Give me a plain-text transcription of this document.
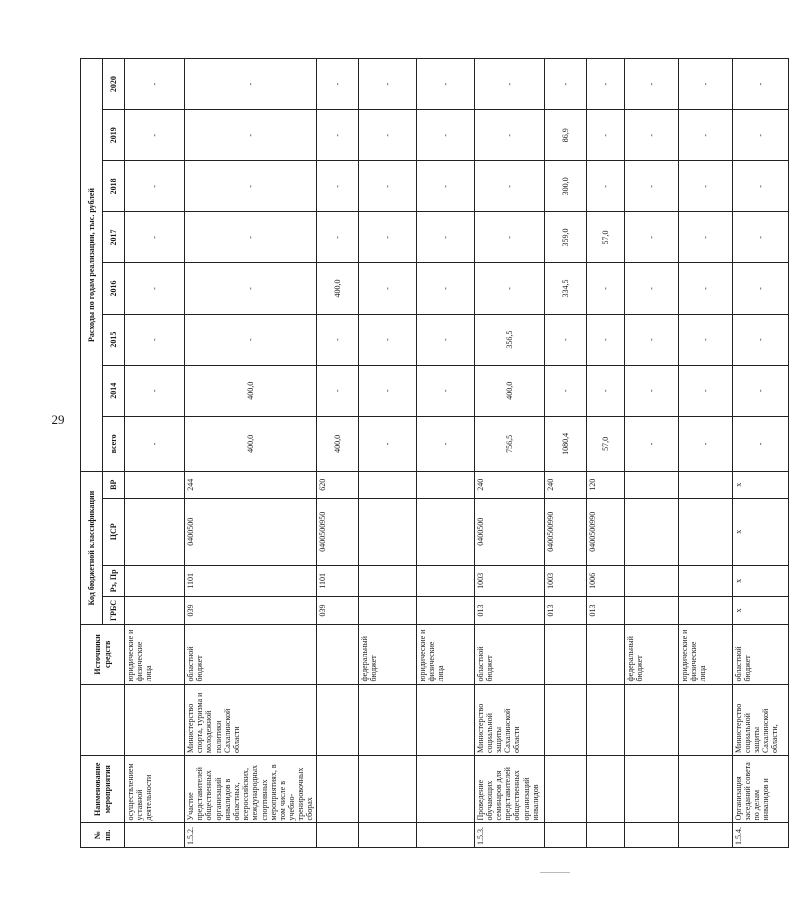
29
№ пп.	Наименование мероприятия		Источники средств	Код бюджетной классификации				Расходы по годам реализации, тыс. рублей							
				ГРБС	Рз, Пр	ЦСР	ВР	всего	2014	2015	2016	2017	2018	2019	2020
	осуществлением уставной деятельности		юридические и физические лица					-	-	-	-	-	-	-	-
1.5.2.	Участие представителей общественных организаций инвалидов в областных, всероссийских, международных спортивных мероприятиях, в том числе в учебно-тренировочных сборах	Министерство спорта, туризма и молодежной политики Сахалинской области	областной бюджет	039	1101	0400500	244	400,0	400,0	-	-	-	-	-	-
				039	1101	0400500950	620	400,0	-	-	400,0	-	-	-	-
			федеральный бюджет					-	-	-	-	-	-	-	-
			юридические и физические лица					-	-	-	-	-	-	-	-
1.5.3.	Проведение обучающих семинаров для представителей общественных организаций инвалидов	Министерство социальной защиты Сахалинской области	областной бюджет	013	1003	0400500	240	756,5	400,0	356,5	-	-	-	-	-
				013	1003	0400500990	240	1080,4	-	-	334,5	359,0	300,0	86,9	-
				013	1006	0400500990	120	57,0	-	-	-	57,0	-	-	-
			федеральный бюджет					-	-	-	-	-	-	-	-
			юридические и физические лица					-	-	-	-	-	-	-	-
1.5.4.	Организация заседаний совета по делам инвалидов и	Министерство социальной защиты Сахалинской области,	областной бюджет	x	x	x	x	-	-	-	-	-	-	-	-
